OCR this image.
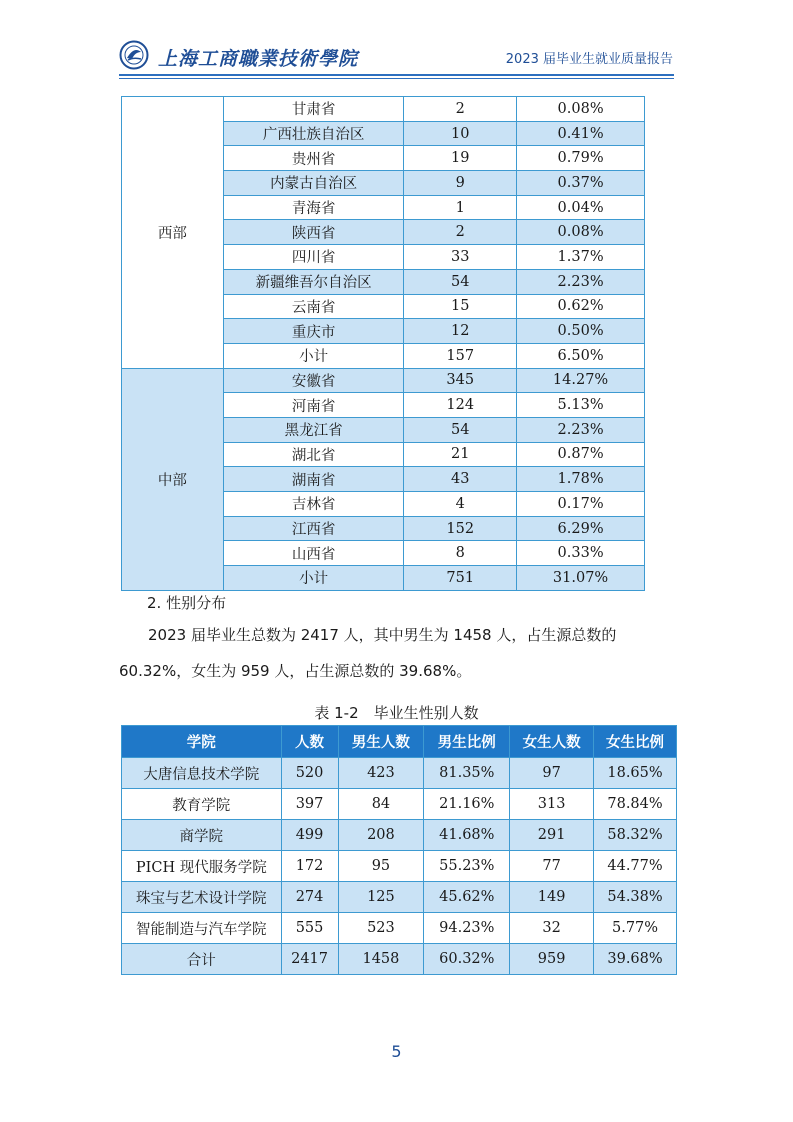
上海工商職業技術學院	2023 届毕业生就业质量报告
西部	甘肃省	2	0.08%
	广西壮族自治区	10	0.41%
	贵州省	19	0.79%
	内蒙古自治区	9	0.37%
	青海省	1	0.04%
	陕西省	2	0.08%
	四川省	33	1.37%
	新疆维吾尔自治区	54	2.23%
	云南省	15	0.62%
	重庆市	12	0.50%
	小计	157	6.50%
中部	安徽省	345	14.27%
	河南省	124	5.13%
	黑龙江省	54	2.23%
	湖北省	21	0.87%
	湖南省	43	1.78%
	吉林省	4	0.17%
	江西省	152	6.29%
	山西省	8	0.33%
	小计	751	31.07%
2. 性别分布
2023 届毕业生总数为 2417 人，其中男生为 1458 人，占生源总数的
60.32%，女生为 959 人，占生源总数的 39.68%。
表 1-2　毕业生性别人数
学院	人数	男生人数	男生比例	女生人数	女生比例
大唐信息技术学院	520	423	81.35%	97	18.65%
教育学院	397	84	21.16%	313	78.84%
商学院	499	208	41.68%	291	58.32%
PICH 现代服务学院	172	95	55.23%	77	44.77%
珠宝与艺术设计学院	274	125	45.62%	149	54.38%
智能制造与汽车学院	555	523	94.23%	32	5.77%
合计	2417	1458	60.32%	959	39.68%
5
